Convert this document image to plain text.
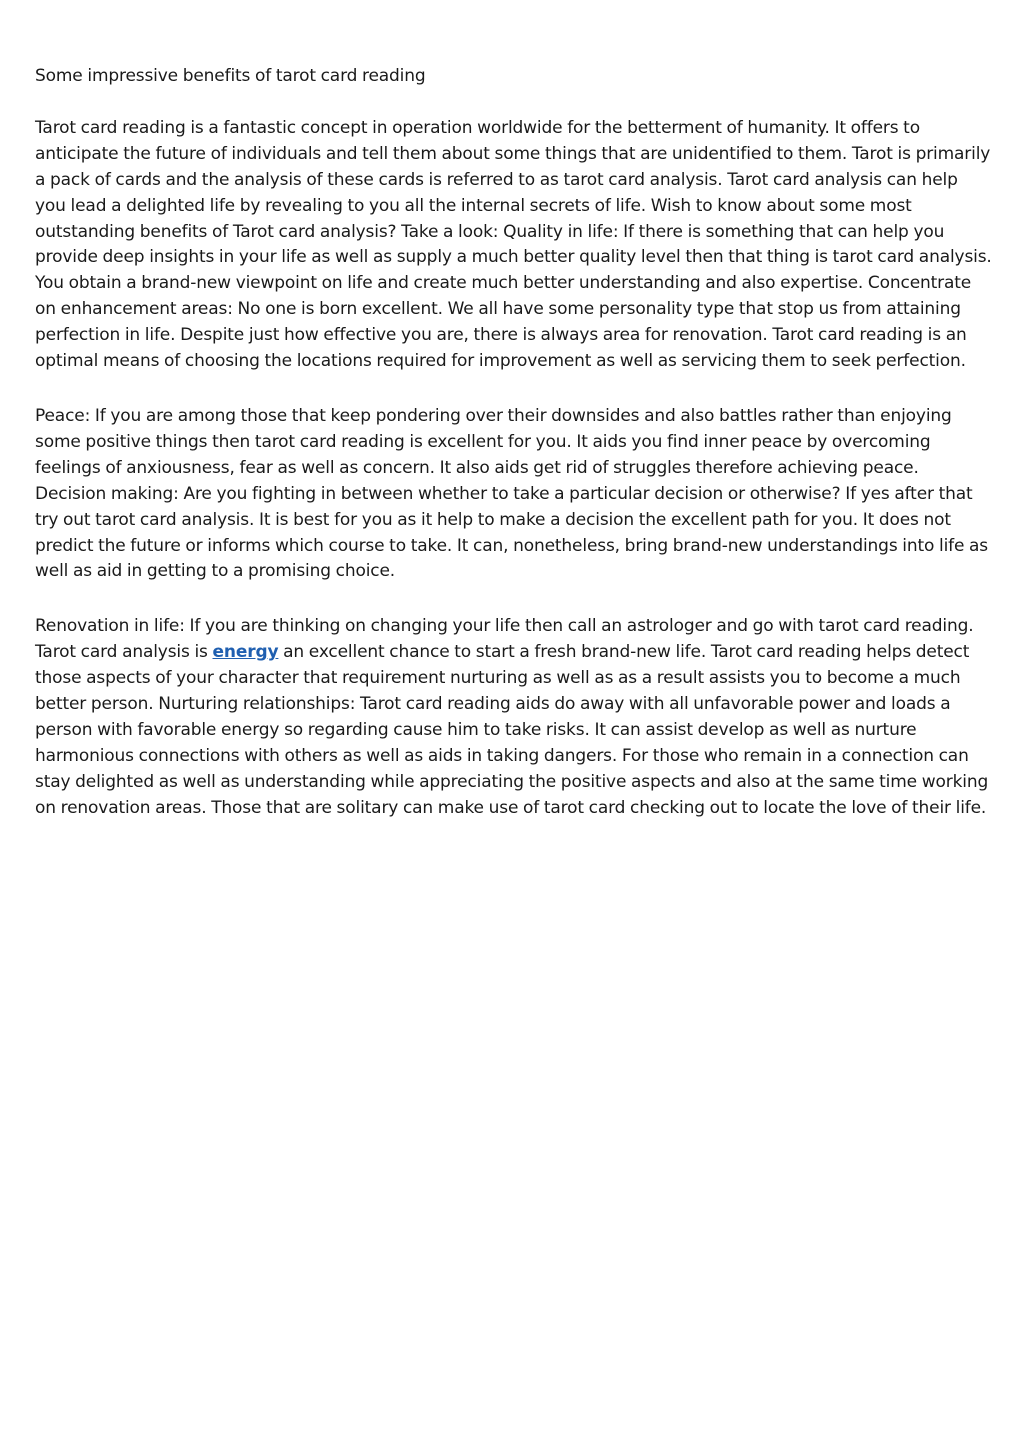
Some impressive benefits of tarot card reading

Tarot card reading is a fantastic concept in operation worldwide for the betterment of humanity. It offers to anticipate the future of individuals and tell them about some things that are unidentified to them. Tarot is primarily a pack of cards and the analysis of these cards is referred to as tarot card analysis. Tarot card analysis can help you lead a delighted life by revealing to you all the internal secrets of life. Wish to know about some most outstanding benefits of Tarot card analysis? Take a look: Quality in life: If there is something that can help you provide deep insights in your life as well as supply a much better quality level then that thing is tarot card analysis. You obtain a brand-new viewpoint on life and create much better understanding and also expertise. Concentrate on enhancement areas: No one is born excellent. We all have some personality type that stop us from attaining perfection in life. Despite just how effective you are, there is always area for renovation. Tarot card reading is an optimal means of choosing the locations required for improvement as well as servicing them to seek perfection.

Peace: If you are among those that keep pondering over their downsides and also battles rather than enjoying some positive things then tarot card reading is excellent for you. It aids you find inner peace by overcoming feelings of anxiousness, fear as well as concern. It also aids get rid of struggles therefore achieving peace. Decision making: Are you fighting in between whether to take a particular decision or otherwise? If yes after that try out tarot card analysis. It is best for you as it help to make a decision the excellent path for you. It does not predict the future or informs which course to take. It can, nonetheless, bring brand-new understandings into life as well as aid in getting to a promising choice.

Renovation in life: If you are thinking on changing your life then call an astrologer and go with tarot card reading. Tarot card analysis is energy an excellent chance to start a fresh brand-new life. Tarot card reading helps detect those aspects of your character that requirement nurturing as well as as a result assists you to become a much better person. Nurturing relationships: Tarot card reading aids do away with all unfavorable power and loads a person with favorable energy so regarding cause him to take risks. It can assist develop as well as nurture harmonious connections with others as well as aids in taking dangers. For those who remain in a connection can stay delighted as well as understanding while appreciating the positive aspects and also at the same time working on renovation areas. Those that are solitary can make use of tarot card checking out to locate the love of their life.
